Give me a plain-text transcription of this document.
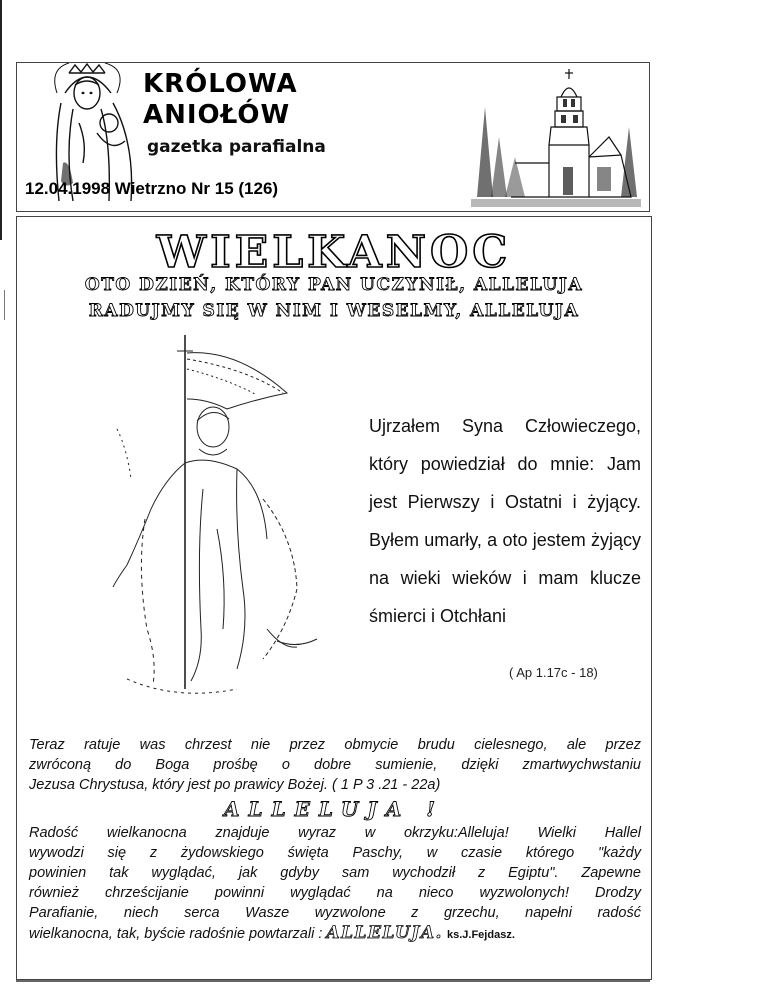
KRÓLOWA
ANIOŁÓW
gazetka parafialna
12.04.1998 Wietrzno Nr 15 (126)
WIELKANOC
OTO DZIEŃ, KTÓRY PAN UCZYNIŁ, ALLELUJA
RADUJMY SIĘ W NIM I WESELMY, ALLELUJA
Ujrzałem Syna Człowieczego, który powiedział do mnie: Jam jest Pierwszy i Ostatni i żyjący. Byłem umarły, a oto jestem żyjący na wieki wieków i mam klucze śmierci i Otchłani
( Ap 1.17c - 18)
Teraz ratuje was chrzest nie przez obmycie brudu cielesnego, ale przez
zwróconą do Boga prośbę o dobre sumienie, dzięki zmartwychwstaniu
Jezusa Chrystusa, który jest po prawicy Bożej. ( 1 P 3 .21 - 22a)
ALLELUJA !
Radość wielkanocna znajduje wyraz w okrzyku:Alleluja! Wielki Hallel
wywodzi się z żydowskiego święta Paschy, w czasie którego "każdy
powinien tak wyglądać, jak gdyby sam wychodził z Egiptu". Zapewne
również chrześcijanie powinni wyglądać na nieco wyzwolonych! Drodzy
Parafianie, niech serca Wasze wyzwolone z grzechu, napełni radość
wielkanocna, tak, byście radośnie powtarzali : ALLELUJA. ks.J.Fejdasz.
